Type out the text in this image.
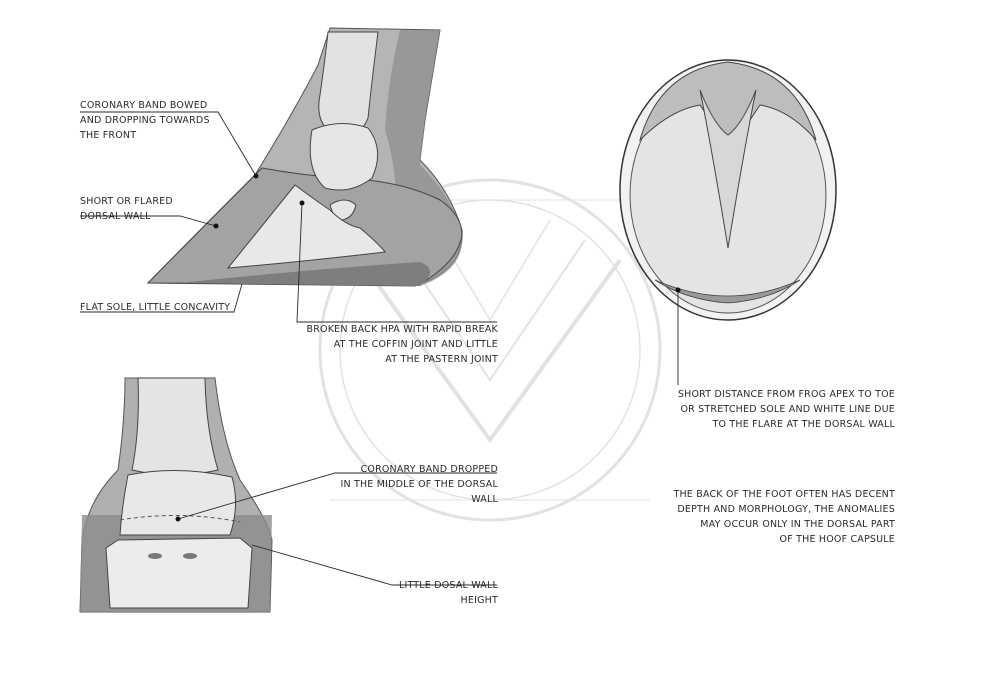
CORONARY BAND BOWED
AND DROPPING TOWARDS
THE FRONT
SHORT OR FLARED
DORSAL WALL
FLAT SOLE, LITTLE CONCAVITY
BROKEN BACK HPA WITH RAPID BREAK
AT THE COFFIN JOINT AND LITTLE
AT THE PASTERN JOINT
CORONARY BAND DROPPED
IN THE MIDDLE OF THE DORSAL
WALL
LITTLE DOSAL WALL
HEIGHT
SHORT DISTANCE FROM FROG APEX TO TOE
OR STRETCHED SOLE AND WHITE LINE DUE
TO THE FLARE AT THE DORSAL WALL
THE BACK OF THE FOOT OFTEN HAS DECENT
DEPTH AND MORPHOLOGY, THE ANOMALIES
MAY OCCUR ONLY IN THE DORSAL PART
OF THE HOOF CAPSULE
